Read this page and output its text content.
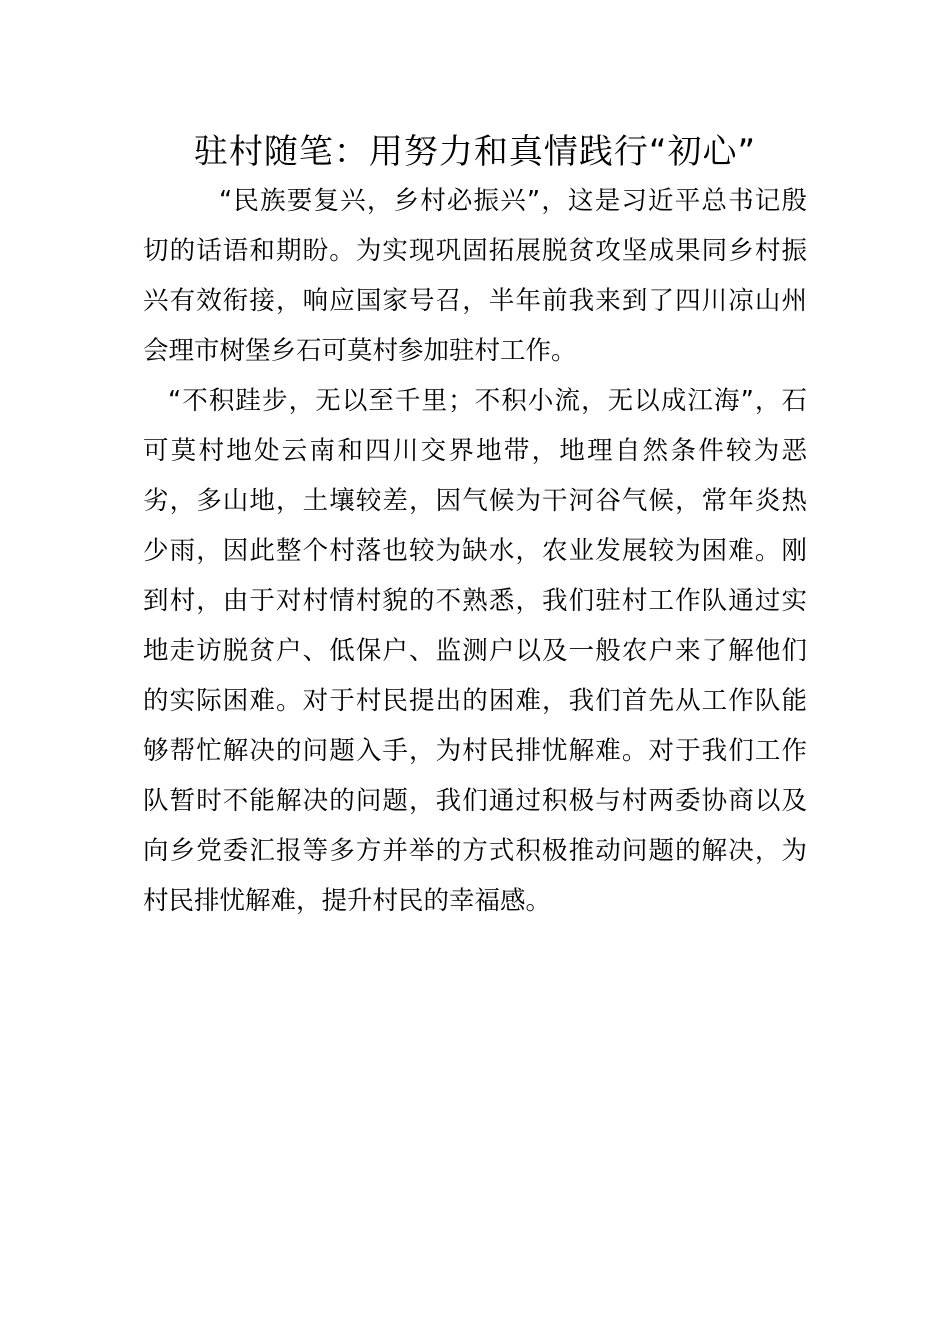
驻村随笔：用努力和真情践行“初心”
“民族要复兴，乡村必振兴”，这是习近平总书记殷
切的话语和期盼。为实现巩固拓展脱贫攻坚成果同乡村振
兴有效衔接，响应国家号召，半年前我来到了四川凉山州
会理市树堡乡石可莫村参加驻村工作。
“不积跬步，无以至千里；不积小流，无以成江海”，石
可莫村地处云南和四川交界地带，地理自然条件较为恶
劣，多山地，土壤较差，因气候为干河谷气候，常年炎热
少雨，因此整个村落也较为缺水，农业发展较为困难。刚
到村，由于对村情村貌的不熟悉，我们驻村工作队通过实
地走访脱贫户、低保户、监测户以及一般农户来了解他们
的实际困难。对于村民提出的困难，我们首先从工作队能
够帮忙解决的问题入手，为村民排忧解难。对于我们工作
队暂时不能解决的问题，我们通过积极与村两委协商以及
向乡党委汇报等多方并举的方式积极推动问题的解决，为
村民排忧解难，提升村民的幸福感。
